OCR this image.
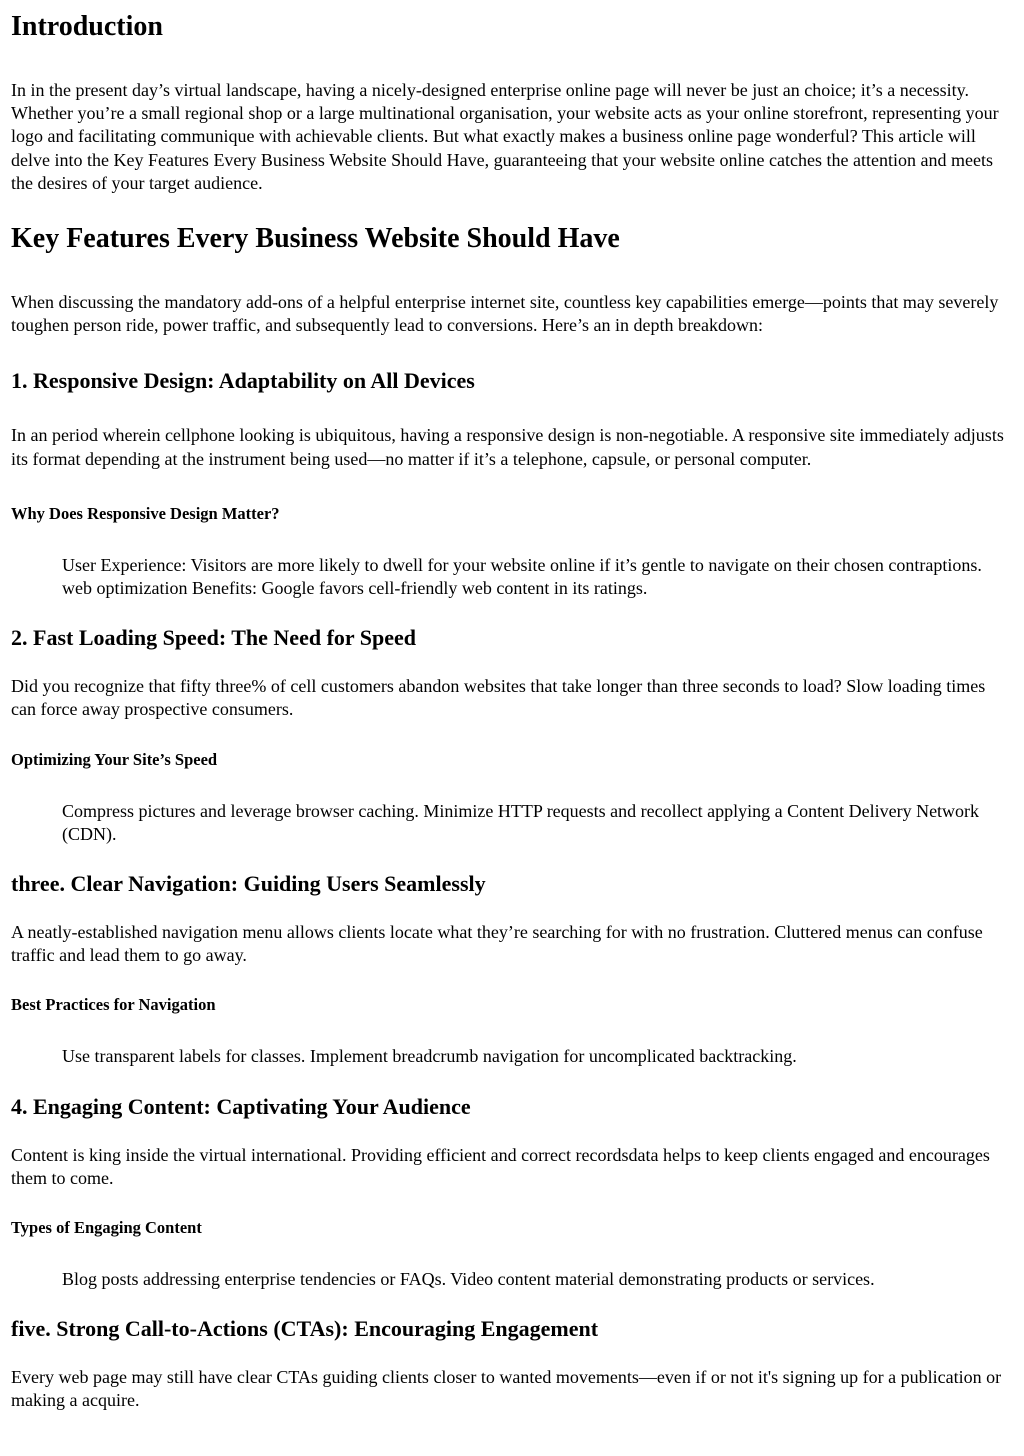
Introduction

In in the present day’s virtual landscape, having a nicely-designed enterprise online page will never be just an choice; it’s a necessity. Whether you’re a small regional shop or a large multinational organisation, your website acts as your online storefront, representing your logo and facilitating communique with achievable clients. But what exactly makes a business online page wonderful? This article will delve into the Key Features Every Business Website Should Have, guaranteeing that your website online catches the attention and meets the desires of your target audience.

Key Features Every Business Website Should Have

When discussing the mandatory add-ons of a helpful enterprise internet site, countless key capabilities emerge—points that may severely toughen person ride, power traffic, and subsequently lead to conversions. Here’s an in depth breakdown:

1. Responsive Design: Adaptability on All Devices

In an period wherein cellphone looking is ubiquitous, having a responsive design is non-negotiable. A responsive site immediately adjusts its format depending at the instrument being used—no matter if it’s a telephone, capsule, or personal computer.

Why Does Responsive Design Matter?
User Experience: Visitors are more likely to dwell for your website online if it’s gentle to navigate on their chosen contraptions. web optimization Benefits: Google favors cell-friendly web content in its ratings.
2. Fast Loading Speed: The Need for Speed

Did you recognize that fifty three% of cell customers abandon websites that take longer than three seconds to load? Slow loading times can force away prospective consumers.

Optimizing Your Site’s Speed
Compress pictures and leverage browser caching. Minimize HTTP requests and recollect applying a Content Delivery Network (CDN).
three. Clear Navigation: Guiding Users Seamlessly

A neatly-established navigation menu allows clients locate what they’re searching for with no frustration. Cluttered menus can confuse traffic and lead them to go away.

Best Practices for Navigation
Use transparent labels for classes. Implement breadcrumb navigation for uncomplicated backtracking.
4. Engaging Content: Captivating Your Audience

Content is king inside the virtual international. Providing efficient and correct recordsdata helps to keep clients engaged and encourages them to come.

Types of Engaging Content
Blog posts addressing enterprise tendencies or FAQs. Video content material demonstrating products or services.
five. Strong Call-to-Actions (CTAs): Encouraging Engagement

Every web page may still have clear CTAs guiding clients closer to wanted movements—even if or not it's signing up for a publication or making a acquire.
